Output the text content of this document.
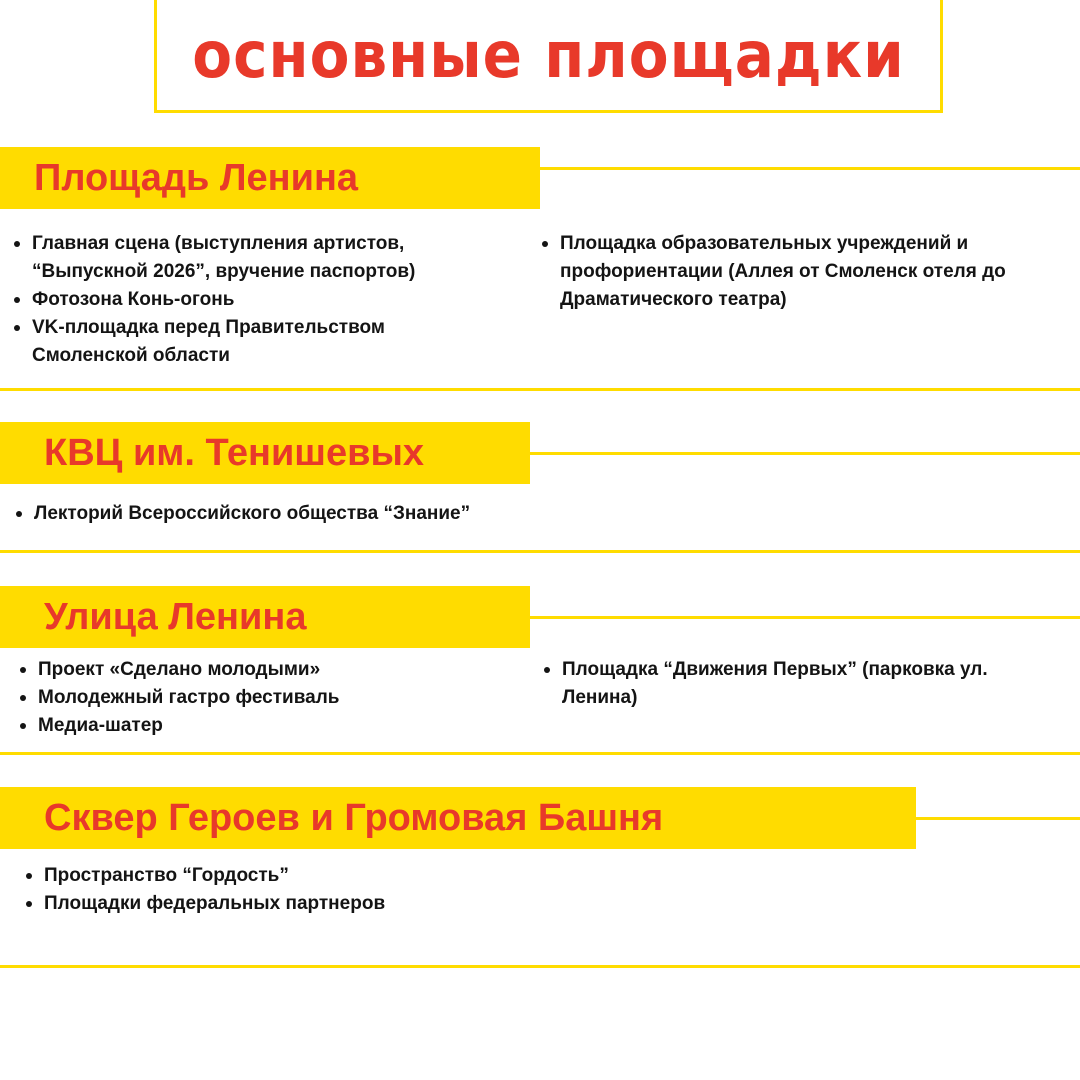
основные площадки
Площадь Ленина
Главная сцена (выступления артистов, “Выпускной 2026”, вручение паспортов)
Фотозона Конь-огонь
VK-площадка перед Правительством Смоленской области
Площадка образовательных учреждений и профориентации (Аллея от Смоленск отеля до Драматического театра)
КВЦ им. Тенишевых
Лекторий Всероссийского общества “Знание”
Улица Ленина
Проект «Сделано молодыми»
Молодежный гастро фестиваль
Медиа-шатер
Площадка “Движения Первых” (парковка ул. Ленина)
Сквер Героев и Громовая Башня
Пространство “Гордость”
Площадки федеральных партнеров
